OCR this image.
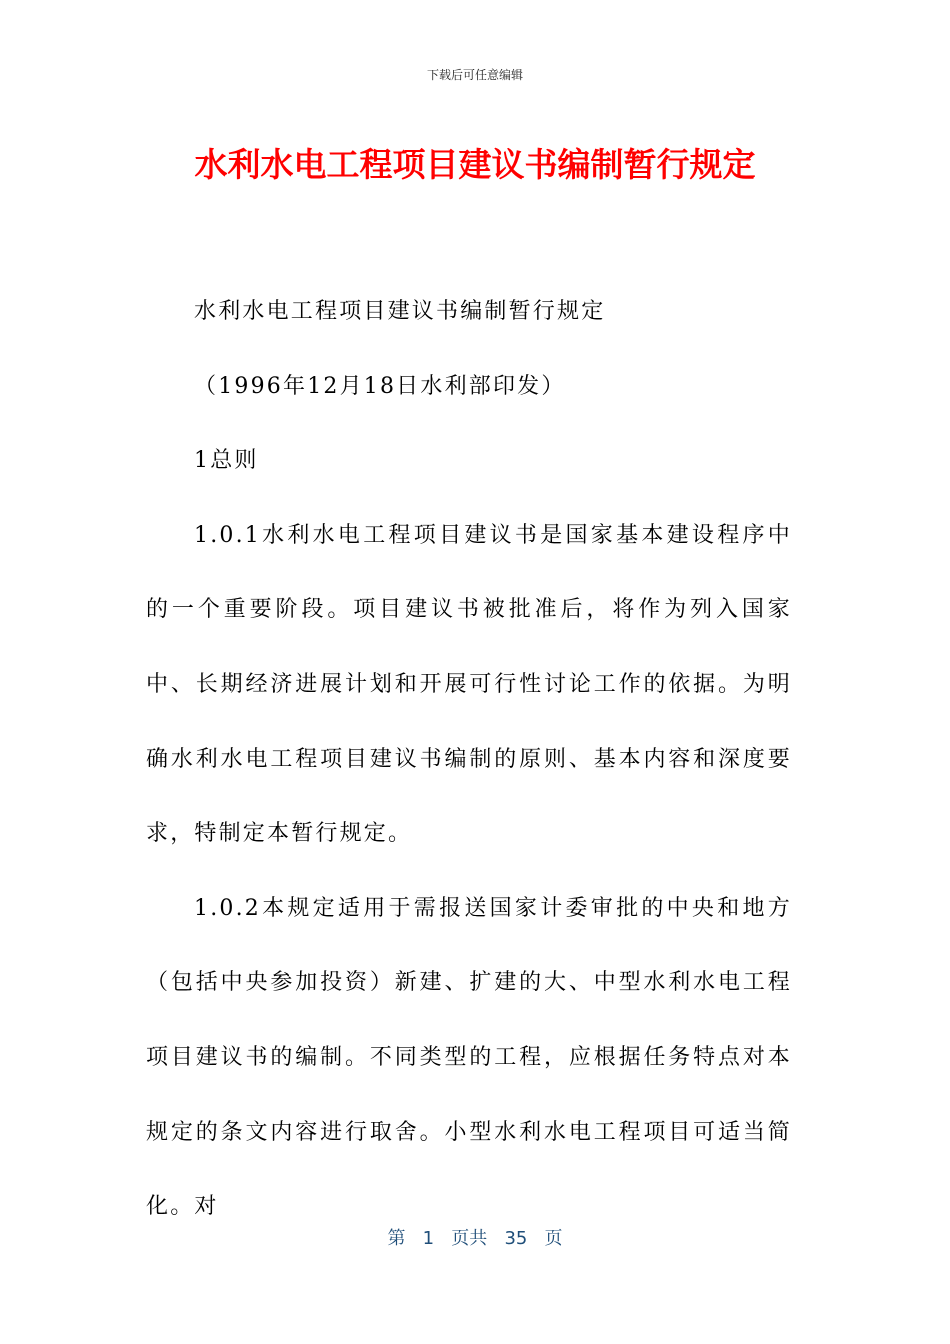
下载后可任意编辑
水利水电工程项目建议书编制暂行规定

水利水电工程项目建议书编制暂行规定

（1996年12月18日水利部印发）

1总则

1.0.1水利水电工程项目建议书是国家基本建设程序中的一个重要阶段。项目建议书被批准后，将作为列入国家中、长期经济进展计划和开展可行性讨论工作的依据。为明确水利水电工程项目建议书编制的原则、基本内容和深度要求，特制定本暂行规定。

1.0.2本规定适用于需报送国家计委审批的中央和地方（包括中央参加投资）新建、扩建的大、中型水利水电工程项目建议书的编制。不同类型的工程，应根据任务特点对本规定的条文内容进行取舍。小型水利水电工程项目可适当简化。对

第 1 页共 35 页
